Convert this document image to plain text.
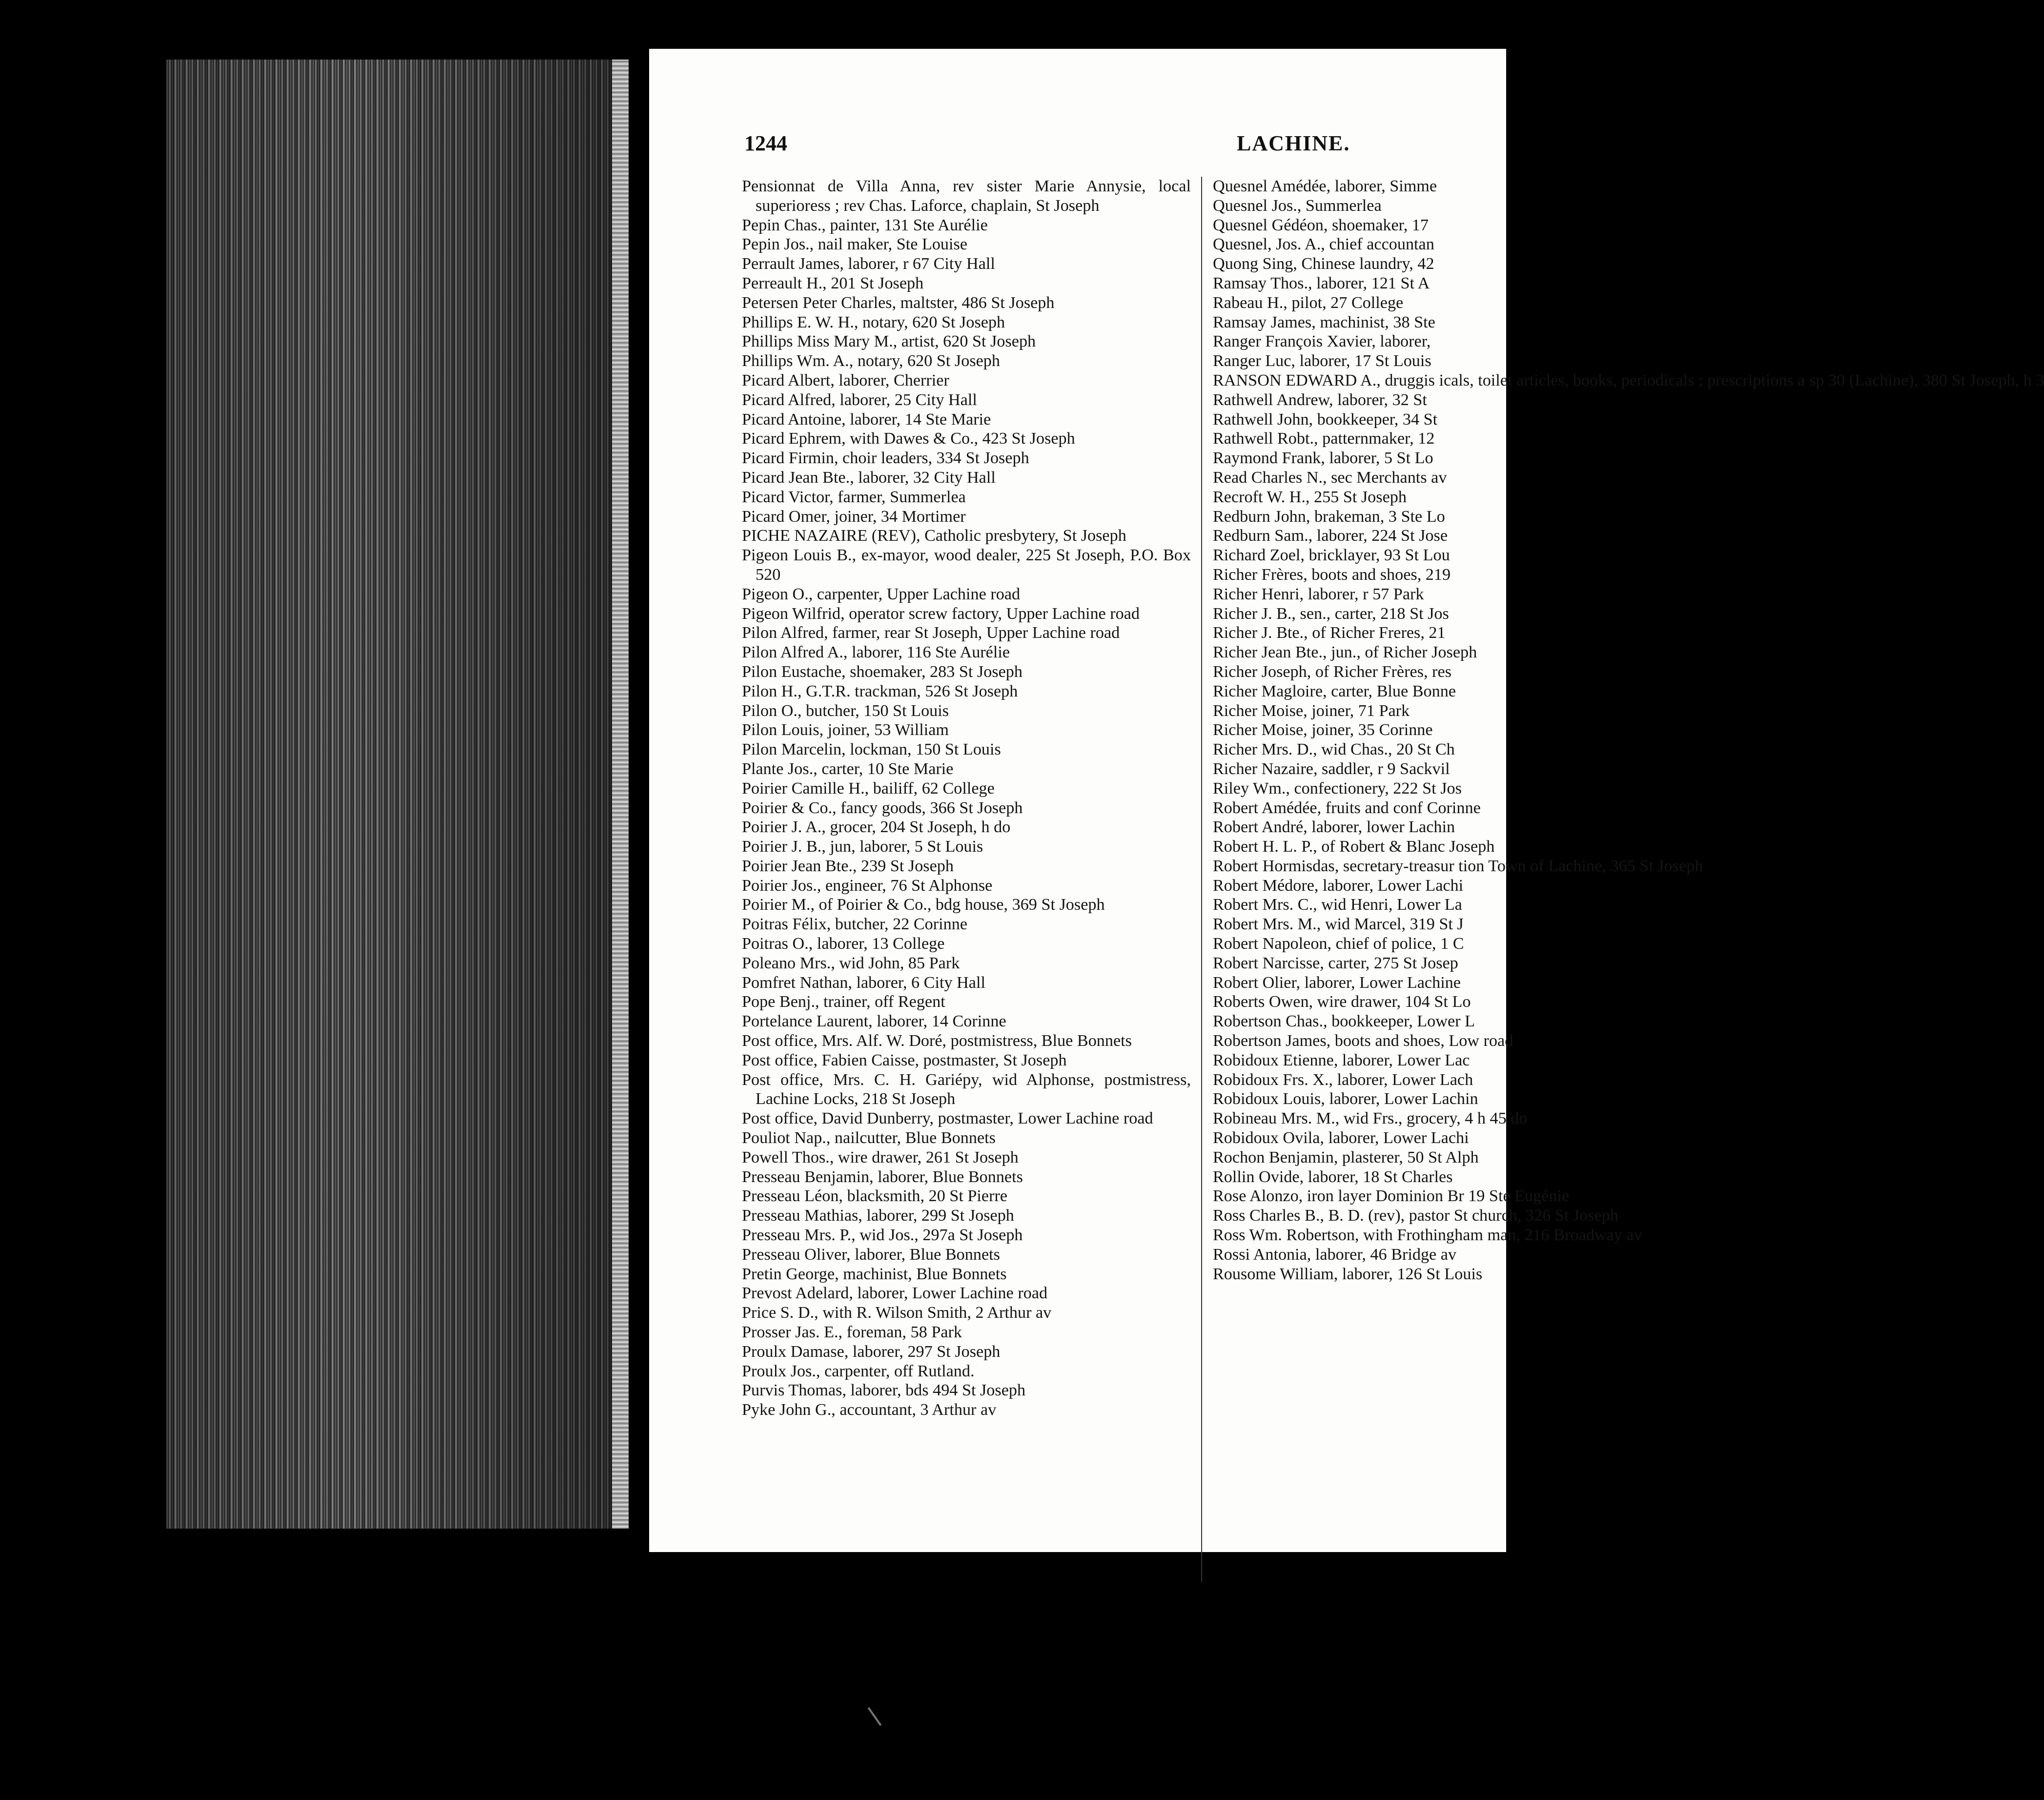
1244	LACHINE.
Pensionnat de Villa Anna, rev sister Marie Annysie, local superioress ; rev Chas. Laforce, chaplain, St Joseph
Pepin Chas., painter, 131 Ste Aurélie
Pepin Jos., nail maker, Ste Louise
Perrault James, laborer, r 67 City Hall
Perreault H., 201 St Joseph
Petersen Peter Charles, maltster, 486 St Joseph
Phillips E. W. H., notary, 620 St Joseph
Phillips Miss Mary M., artist, 620 St Joseph
Phillips Wm. A., notary, 620 St Joseph
Picard Albert, laborer, Cherrier
Picard Alfred, laborer, 25 City Hall
Picard Antoine, laborer, 14 Ste Marie
Picard Ephrem, with Dawes & Co., 423 St Joseph
Picard Firmin, choir leaders, 334 St Joseph
Picard Jean Bte., laborer, 32 City Hall
Picard Victor, farmer, Summerlea
Picard Omer, joiner, 34 Mortimer
PICHE NAZAIRE (REV), Catholic presbytery, St Joseph
Pigeon Louis B., ex-mayor, wood dealer, 225 St Joseph, P.O. Box 520
Pigeon O., carpenter, Upper Lachine road
Pigeon Wilfrid, operator screw factory, Upper Lachine road
Pilon Alfred, farmer, rear St Joseph, Upper Lachine road
Pilon Alfred A., laborer, 116 Ste Aurélie
Pilon Eustache, shoemaker, 283 St Joseph
Pilon H., G.T.R. trackman, 526 St Joseph
Pilon O., butcher, 150 St Louis
Pilon Louis, joiner, 53 William
Pilon Marcelin, lockman, 150 St Louis
Plante Jos., carter, 10 Ste Marie
Poirier Camille H., bailiff, 62 College
Poirier & Co., fancy goods, 366 St Joseph
Poirier J. A., grocer, 204 St Joseph, h do
Poirier J. B., jun, laborer, 5 St Louis
Poirier Jean Bte., 239 St Joseph
Poirier Jos., engineer, 76 St Alphonse
Poirier M., of Poirier & Co., bdg house, 369 St Joseph
Poitras Félix, butcher, 22 Corinne
Poitras O., laborer, 13 College
Poleano Mrs., wid John, 85 Park
Pomfret Nathan, laborer, 6 City Hall
Pope Benj., trainer, off Regent
Portelance Laurent, laborer, 14 Corinne
Post office, Mrs. Alf. W. Doré, postmistress, Blue Bonnets
Post office, Fabien Caisse, postmaster, St Joseph
Post office, Mrs. C. H. Gariépy, wid Alphonse, postmistress, Lachine Locks, 218 St Joseph
Post office, David Dunberry, postmaster, Lower Lachine road
Pouliot Nap., nailcutter, Blue Bonnets
Powell Thos., wire drawer, 261 St Joseph
Presseau Benjamin, laborer, Blue Bonnets
Presseau Léon, blacksmith, 20 St Pierre
Presseau Mathias, laborer, 299 St Joseph
Presseau Mrs. P., wid Jos., 297a St Joseph
Presseau Oliver, laborer, Blue Bonnets
Pretin George, machinist, Blue Bonnets
Prevost Adelard, laborer, Lower Lachine road
Price S. D., with R. Wilson Smith, 2 Arthur av
Prosser Jas. E., foreman, 58 Park
Proulx Damase, laborer, 297 St Joseph
Proulx Jos., carpenter, off Rutland.
Purvis Thomas, laborer, bds 494 St Joseph
Pyke John G., accountant, 3 Arthur av
Quesnel Amédée, laborer, Simme
Quesnel Jos., Summerlea
Quesnel Gédéon, shoemaker, 17
Quesnel, Jos. A., chief accountan
Quong Sing, Chinese laundry, 42
Ramsay Thos., laborer, 121 St A
Rabeau H., pilot, 27 College
Ramsay James, machinist, 38 Ste
Ranger François Xavier, laborer,
Ranger Luc, laborer, 17 St Louis
RANSON EDWARD A., druggis icals, toilet articles, books, periodicals ; prescriptions a sp 30 (Lachine), 380 St Joseph, h 3
Rathwell Andrew, laborer, 32 St
Rathwell John, bookkeeper, 34 St
Rathwell Robt., patternmaker, 12
Raymond Frank, laborer, 5 St Lo
Read Charles N., sec Merchants av
Recroft W. H., 255 St Joseph
Redburn John, brakeman, 3 Ste Lo
Redburn Sam., laborer, 224 St Jose
Richard Zoel, bricklayer, 93 St Lou
Richer Frères, boots and shoes, 219
Richer Henri, laborer, r 57 Park
Richer J. B., sen., carter, 218 St Jos
Richer J. Bte., of Richer Freres, 21
Richer Jean Bte., jun., of Richer Joseph
Richer Joseph, of Richer Frères, res
Richer Magloire, carter, Blue Bonne
Richer Moise, joiner, 71 Park
Richer Moise, joiner, 35 Corinne
Richer Mrs. D., wid Chas., 20 St Ch
Richer Nazaire, saddler, r 9 Sackvil
Riley Wm., confectionery, 222 St Jos
Robert Amédée, fruits and conf Corinne
Robert André, laborer, lower Lachin
Robert H. L. P., of Robert & Blanc Joseph
Robert Hormisdas, secretary-treasur tion Town of Lachine, 365 St Joseph
Robert Médore, laborer, Lower Lachi
Robert Mrs. C., wid Henri, Lower La
Robert Mrs. M., wid Marcel, 319 St J
Robert Napoleon, chief of police, 1 C
Robert Narcisse, carter, 275 St Josep
Robert Olier, laborer, Lower Lachine
Roberts Owen, wire drawer, 104 St Lo
Robertson Chas., bookkeeper, Lower L
Robertson James, boots and shoes, Low road
Robidoux Etienne, laborer, Lower Lac
Robidoux Frs. X., laborer, Lower Lach
Robidoux Louis, laborer, Lower Lachin
Robineau Mrs. M., wid Frs., grocery, 4 h 45 do
Robidoux Ovila, laborer, Lower Lachi
Rochon Benjamin, plasterer, 50 St Alph
Rollin Ovide, laborer, 18 St Charles
Rose Alonzo, iron layer Dominion Br 19 Ste Eugénie
Ross Charles B., B. D. (rev), pastor St church, 326 St Joseph
Ross Wm. Robertson, with Frothingham man, 216 Broadway av
Rossi Antonia, laborer, 46 Bridge av
Rousome William, laborer, 126 St Louis
